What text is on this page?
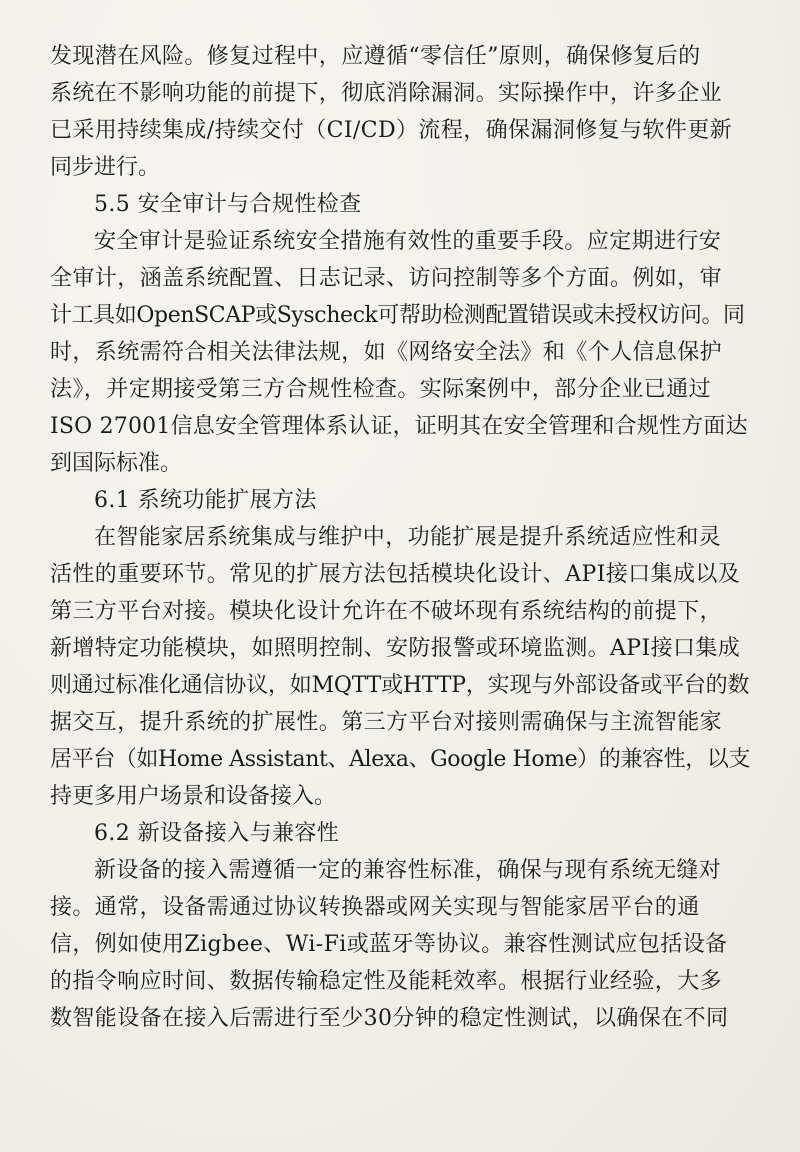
发现潜在风险。修复过程中，应遵循“零信任”原则，确保修复后的
系统在不影响功能的前提下，彻底消除漏洞。实际操作中，许多企业
已采用持续集成/持续交付（CI/CD）流程，确保漏洞修复与软件更新
同步进行。
5.5 安全审计与合规性检查
安全审计是验证系统安全措施有效性的重要手段。应定期进行安
全审计，涵盖系统配置、日志记录、访问控制等多个方面。例如，审
计工具如OpenSCAP或Syscheck可帮助检测配置错误或未授权访问。同
时，系统需符合相关法律法规，如《网络安全法》和《个人信息保护
法》，并定期接受第三方合规性检查。实际案例中，部分企业已通过
ISO 27001信息安全管理体系认证，证明其在安全管理和合规性方面达
到国际标准。
6.1 系统功能扩展方法
在智能家居系统集成与维护中，功能扩展是提升系统适应性和灵
活性的重要环节。常见的扩展方法包括模块化设计、API接口集成以及
第三方平台对接。模块化设计允许在不破坏现有系统结构的前提下，
新增特定功能模块，如照明控制、安防报警或环境监测。API接口集成
则通过标准化通信协议，如MQTT或HTTP，实现与外部设备或平台的数
据交互，提升系统的扩展性。第三方平台对接则需确保与主流智能家
居平台（如Home Assistant、Alexa、Google Home）的兼容性，以支
持更多用户场景和设备接入。
6.2 新设备接入与兼容性
新设备的接入需遵循一定的兼容性标准，确保与现有系统无缝对
接。通常，设备需通过协议转换器或网关实现与智能家居平台的通
信，例如使用Zigbee、Wi-Fi或蓝牙等协议。兼容性测试应包括设备
的指令响应时间、数据传输稳定性及能耗效率。根据行业经验，大多
数智能设备在接入后需进行至少30分钟的稳定性测试，以确保在不同
